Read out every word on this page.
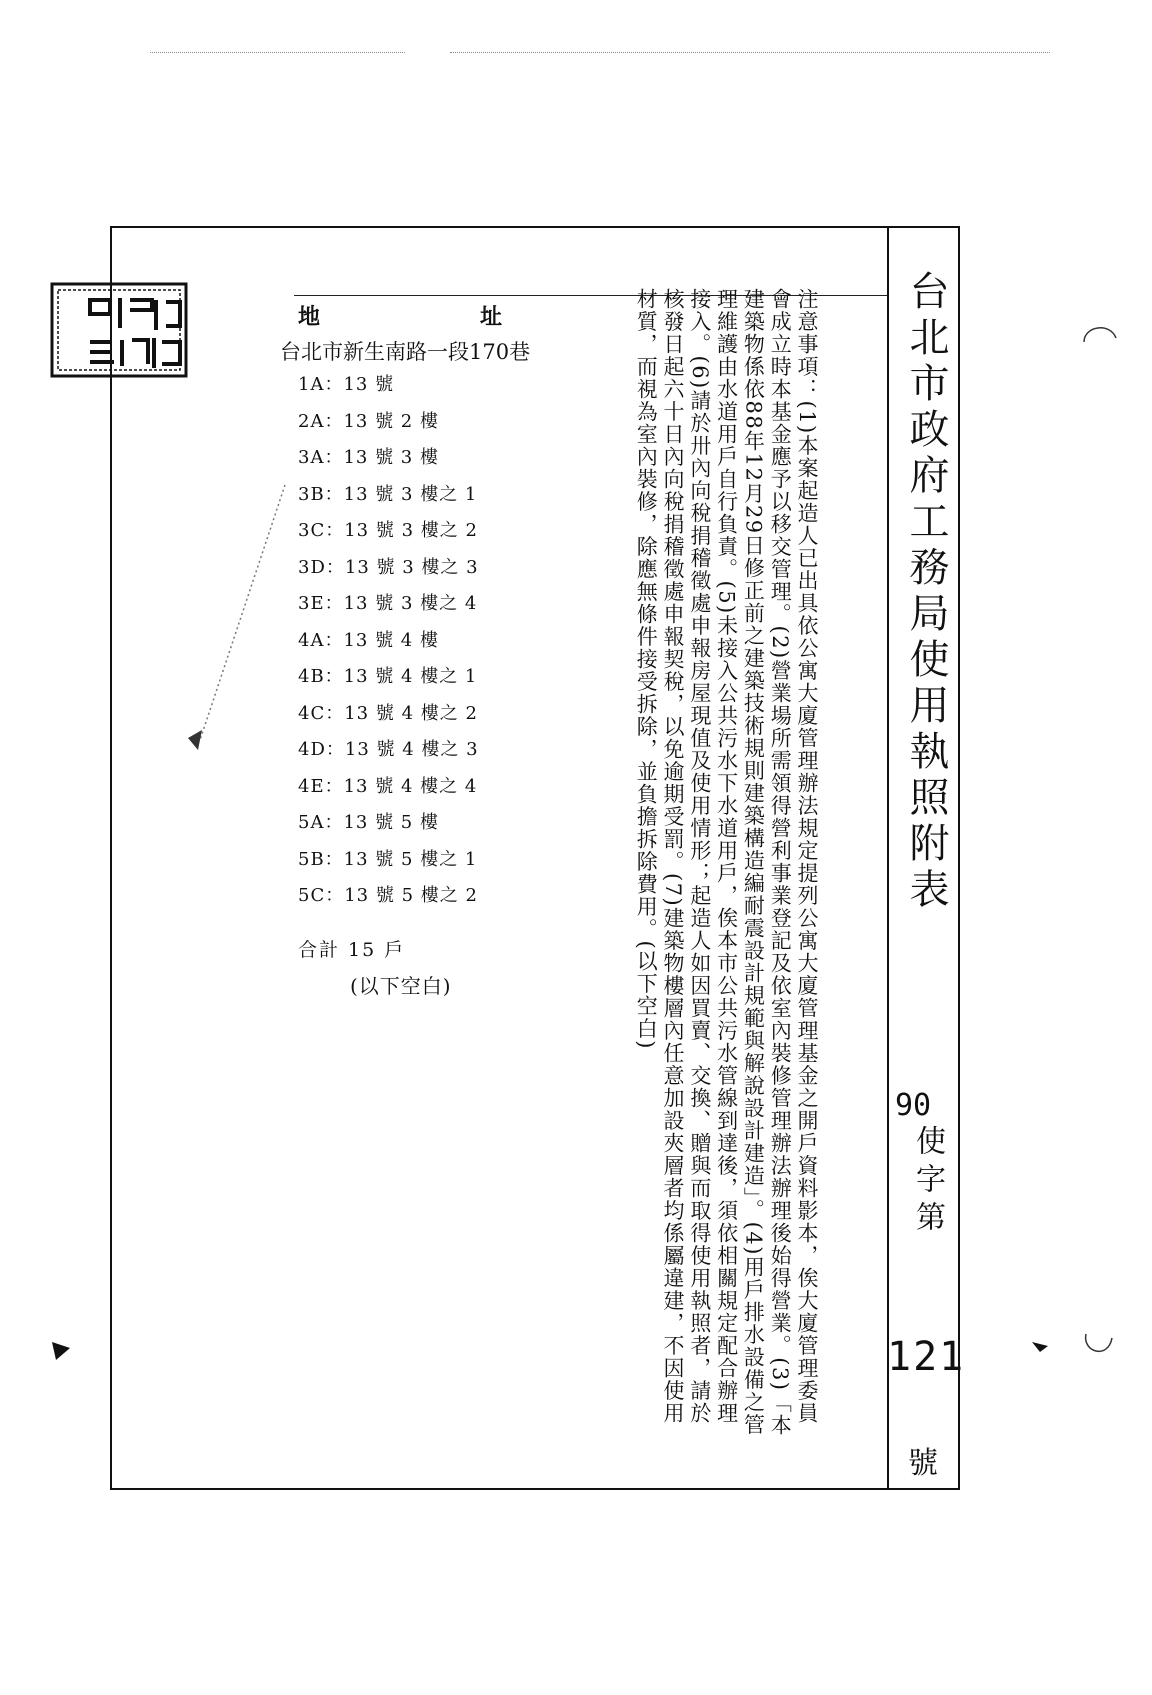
台北市政府工務局使用執照附表
90
使字第
121
號
注意事項：(1)本案起造人已出具依公寓大廈管理辦法規定提列公寓大廈管理基金之開戶資料影本，俟大廈管理委員會成立時本基金應予以移交管理。(2)營業場所需領得營利事業登記及依室內裝修管理辦法辦理後始得營業。(3)「本建築物係依88年12月29日修正前之建築技術規則建築構造編耐震設計規範與解說設計建造」。(4)用戶排水設備之管理維護由水道用戶自行負責。(5)未接入公共污水下水道用戶，俟本市公共污水管線到達後，須依相關規定配合辦理接入。(6)請於卅內向稅捐稽徵處申報房屋現值及使用情形；起造人如因買賣、交換、贈與而取得使用執照者，請於核發日起六十日內向稅捐稽徵處申報契稅，以免逾期受罰。(7)建築物樓層內任意加設夾層者均係屬違建，不因使用材質，而視為室內裝修，除應無條件接受拆除，並負擔拆除費用。(以下空白)
地	址
台北市新生南路一段170巷
1A：13 號
2A：13 號 2 樓
3A：13 號 3 樓
3B：13 號 3 樓之 1
3C：13 號 3 樓之 2
3D：13 號 3 樓之 3
3E：13 號 3 樓之 4
4A：13 號 4 樓
4B：13 號 4 樓之 1
4C：13 號 4 樓之 2
4D：13 號 4 樓之 3
4E：13 號 4 樓之 4
5A：13 號 5 樓
5B：13 號 5 樓之 1
5C：13 號 5 樓之 2
合計 15 戶
(以下空白)
